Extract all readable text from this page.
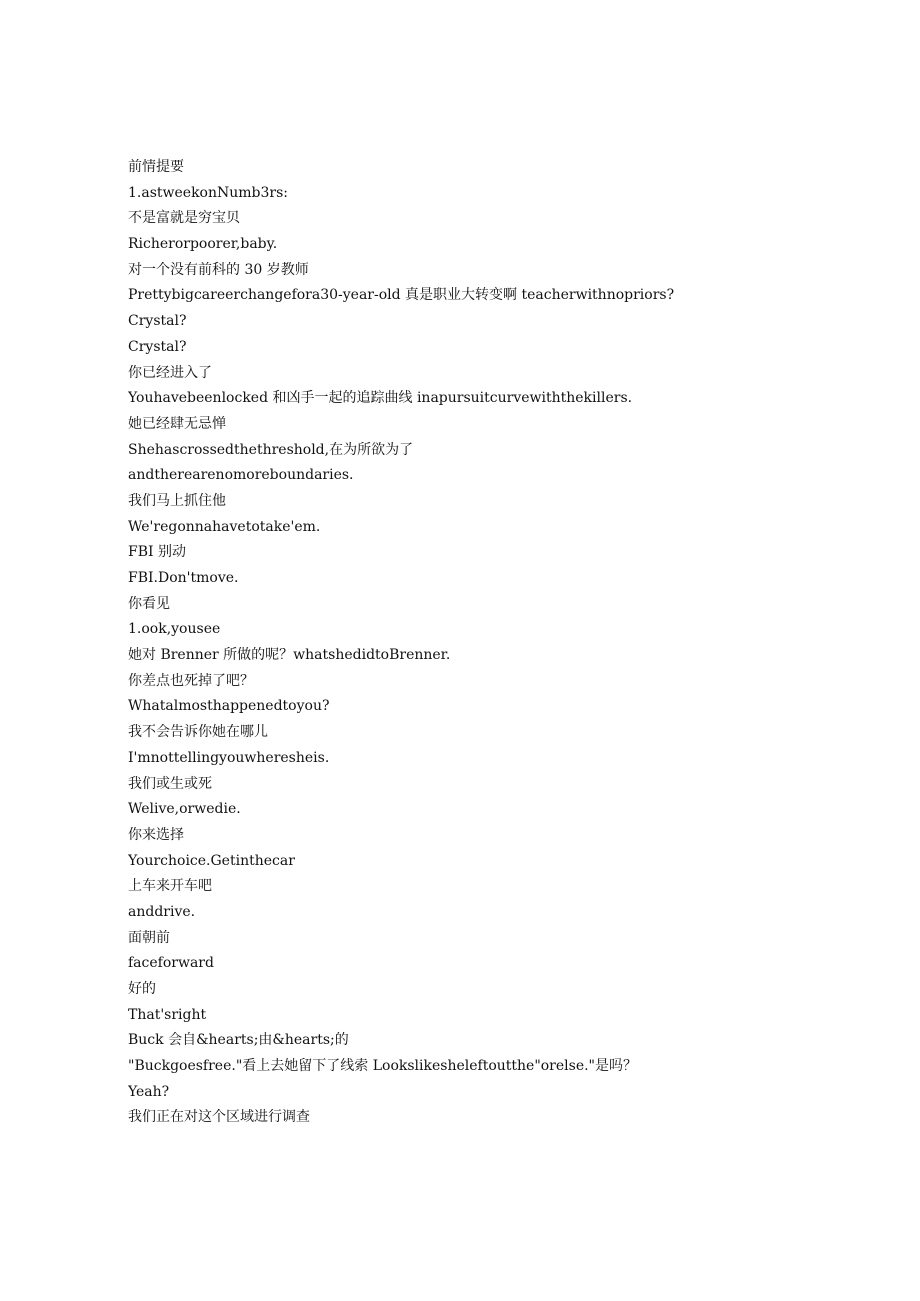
前情提要
1.astweekonNumb3rs:
不是富就是穷宝贝
Richerorpoorer,baby.
对一个没有前科的 30 岁教师
Prettybigcareerchangefora30-year-old 真是职业大转变啊 teacherwithnopriors?
Crystal?
Crystal?
你已经进入了
Youhavebeenlocked 和凶手一起的追踪曲线 inapursuitcurvewiththekillers.
她已经肆无忌惮
Shehascrossedthethreshold,在为所欲为了
andtherearenomoreboundaries.
我们马上抓住他
We'regonnahavetotake'em.
FBI 别动
FBI.Don'tmove.
你看见
1.ook,yousee
她对 Brenner 所做的呢？whatshedidtoBrenner.
你差点也死掉了吧？
Whatalmosthappenedtoyou?
我不会告诉你她在哪儿
I'mnottellingyouwheresheis.
我们或生或死
Welive,orwedie.
你来选择
Yourchoice.Getinthecar
上车来开车吧
anddrive.
面朝前
faceforward
好的
That'sright
Buck 会自&hearts;由&hearts;的
"Buckgoesfree."看上去她留下了线索 Lookslikesheleftoutthe"orelse."是吗？
Yeah?
我们正在对这个区域进行调查
